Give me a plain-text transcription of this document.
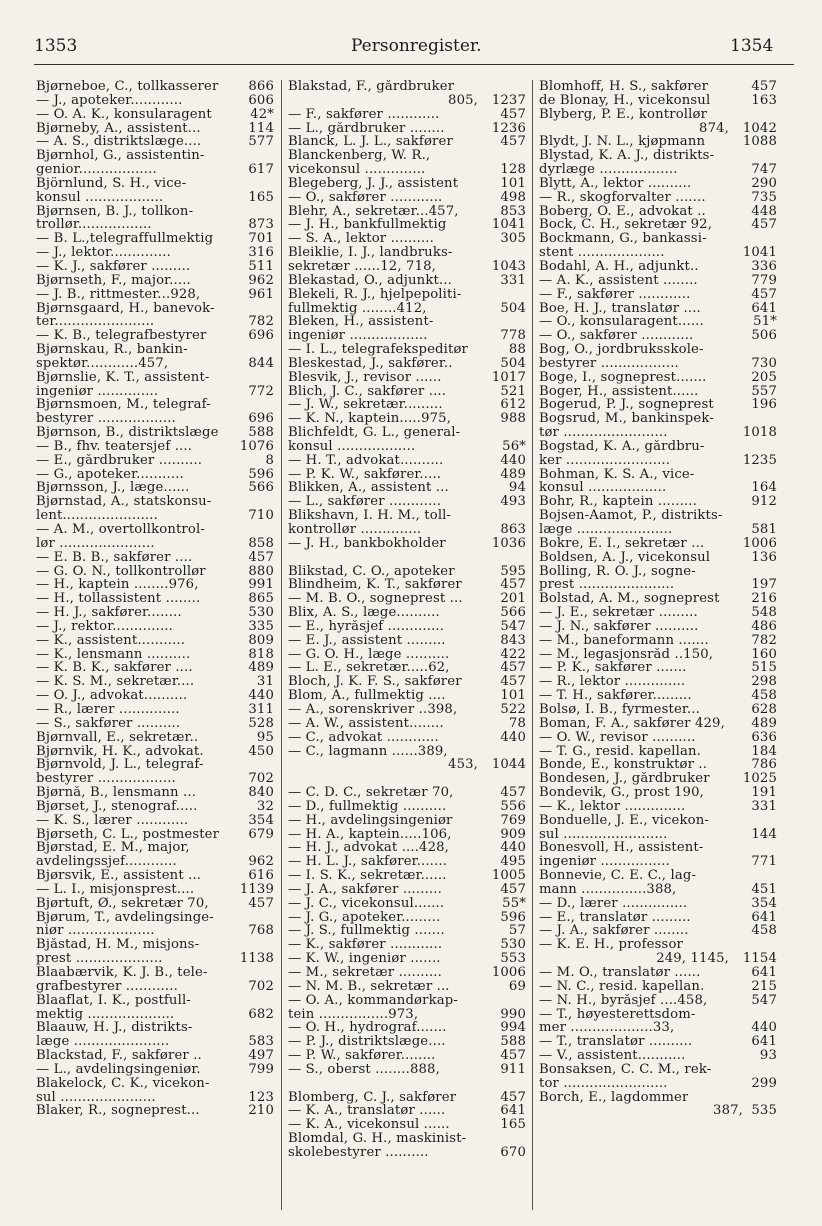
1353	Personregister.	1354
Bjørneboe, C., tollkasserer 866
— J., apoteker............	606
— O. A. K., konsularagent	42*
Bjørneby, A., assistent...	114
— A. S., distriktslæge....	577
Bjørnhol, G., assistentin-
genior..................	617
Björnlund, S. H., vice-
konsul ..................	165
Bjørnsen, B. J., tollkon-
trollør.................	873
— B. L.,telegraffullmektig	701
— J., lektor..............	316
— K. J., sakfører .........	511
Bjørnseth, F., major.....	962
— J. B., rittmester...928,	961
Bjørnsgaard, H., banevok-
ter.......................	782
— K. B., telegrafbestyrer	696
Bjørnskau, R., bankin-
spektør............457,	844
Bjørnslie, K. T., assistent-
ingeniør ..............	772
Bjørnsmoen, M., telegraf-
bestyrer ..................	696
Bjørnson, B., distriktslæge 588
— B., fhv. teatersjef ....	1076
— E., gårdbruker ..........	8
— G., apoteker...........	596
Bjørnsson, J., læge......	566
Bjørnstad, A., statskonsu-
lent......................	710
— A. M., overtollkontrol-
lør ......................	858
— E. B. B., sakfører ....	457
— G. O. N., tollkontrollør	880
— H., kaptein ........976,	991
— H., tollassistent ........	865
— H. J., sakfører........	530
— J., rektor..............	335
— K., assistent...........	809
— K., lensmann ..........	818
— K. B. K., sakfører ....	489
— K. S. M., sekretær....	31
— O. J., advokat..........	440
— R., lærer ..............	311
— S., sakfører ..........	528
Bjørnvall, E., sekretær..	95
Bjørnvik, H. K., advokat.	450
Bjørnvold, J. L., telegraf-
bestyrer ..................	702
Bjørnå, B., lensmann ...	840
Bjørset, J., stenograf.....	32
— K. S., lærer ............	354
Bjørseth, C. L., postmester 679
Bjørstad, E. M., major,
avdelingssjef............	962
Bjørsvik, E., assistent ...	616
— L. I., misjonsprest....	1139
Bjørtuft, Ø., sekretær 70,	457
Bjørum, T., avdelingsinge-
niør ....................	768
Bjåstad, H. M., misjons-
prest ....................	1138
Blaabærvik, K. J. B., tele-
grafbestyrer ............	702
Blaaflat, I. K., postfull-
mektig ....................	682
Blaauw, H. J., distrikts-
læge ......................	583
Blackstad, F., sakfører ..	497
— L., avdelingsingeniør.	799
Blakelock, C. K., vicekon-
sul ......................	123
Blaker, R., sogneprest...	210
Blakstad, F., gårdbruker
805, 1237
— F., sakfører ............	457
— L., gårdbruker ........	1236
Blanck, L. J. L., sakfører	457
Blanckenberg, W. R.,
vicekonsul ..............	128
Blegeberg, J. J., assistent	101
— O., sakfører ............	498
Blehr, A., sekretær...457,	853
— J. H., bankfullmektig	1041
— S. A., lektor ..........	305
Bleiklie, I. J., landbruks-
sekretær ......12, 718,	1043
Blekastad, O., adjunkt...	331
Blekeli, R. J., hjelpepoliti-
fullmektig ........412,	504
Bleken, H., assistent-
ingeniør ..................	778
— I. L., telegrafekspeditør	88
Bleskestad, J., sakfører..	504
Blesvik, J., revisor ......	1017
Blich, J. C., sakfører ....	521
— J. W., sekretær.........	612
— K. N., kaptein.....975,	988
Blichfeldt, G. L., general-
konsul ..................	56*
— H. T., advokat..........	440
— P. K. W., sakfører.....	489
Blikken, A., assistent ...	94
— L., sakfører ............	493
Blikshavn, I. H. M., toll-
kontrollør ..............	863
— J. H., bankbokholder	1036
Blikstad, C. O., apoteker	595
Blindheim, K. T., sakfører	457
— M. B. O., sogneprest ...	201
Blix, A. S., læge..........	566
— E., hyråsjef .............	547
— E. J., assistent .........	843
— G. O. H., læge ..........	422
— L. E., sekretær.....62,	457
Bloch, J. K. F. S., sakfører	457
Blom, A., fullmektig ....	101
— A., sorenskriver ..398,	522
— A. W., assistent........	78
— C., advokat ............	440
— C., lagmann ......389,
453, 1044
— C. D. C., sekretær 70,	457
— D., fullmektig ..........	556
— H., avdelingsingeniør	769
— H. A., kaptein.....106,	909
— H. J., advokat ....428,	440
— H. L. J., sakfører.......	495
— I. S. K., sekretær......	1005
— J. A., sakfører .........	457
— J. C., vicekonsul.......	55*
— J. G., apoteker.........	596
— J. S., fullmektig .......	57
— K., sakfører ............	530
— K. W., ingeniør .......	553
— M., sekretær ..........	1006
— N. M. B., sekretær ...	69
— O. A., kommandørkap-
tein ................973,	990
— O. H., hydrograf.......	994
— P. J., distriktslæge....	588
— P. W., sakfører........	457
— S., oberst ........888,	911
Blomberg, C. J., sakfører	457
— K. A., translatør ......	641
— K. A., vicekonsul ......	165
Blomdal, G. H., maskinist-
skolebestyrer ..........	670
Blomhoff, H. S., sakfører	457
de Blonay, H., vicekonsul	163
Blyberg, P. E., kontrollør
874, 1042
Blydt, J. N. L., kjøpmann	1088
Blystad, K. A. J., distrikts-
dyrlæge ..................	747
Blytt, A., lektor ..........	290
— R., skogforvalter .......	735
Boberg, O. E., advokat ..	448
Bock, C. H., sekretær 92,	457
Bockmann, G., bankassi-
stent ....................	1041
Bodahl, A. H., adjunkt..	336
— A. K., assistent ........	779
— F., sakfører ............	457
Boe, H. J., translatør ....	641
— O., konsularagent......	51*
— O., sakfører ............	506
Bog, O., jordbruksskole-
bestyrer ..................	730
Boge, I., sogneprest.......	205
Boger, H., assistent......	557
Bogerud, P. J., sogneprest	196
Bogsrud, M., bankinspek-
tør ........................	1018
Bogstad, K. A., gårdbru-
ker ........................	1235
Bohman, K. S. A., vice-
konsul ..................	164
Bohr, R., kaptein .........	912
Bojsen-Aamot, P., distrikts-
læge ......................	581
Bokre, E. I., sekretær ...	1006
Boldsen, A. J., vicekonsul	136
Bolling, R. O. J., sogne-
prest ......................	197
Bolstad, A. M., sogneprest 216
— J. E., sekretær .........	548
— J. N., sakfører ..........	486
— M., baneformann .......	782
— M., legasjonsråd ..150,	160
— P. K., sakfører .......	515
— R., lektor ..............	298
— T. H., sakfører.........	458
Bolsø, I. B., fyrmester...	628
Boman, F. A., sakfører 429, 489
— O. W., revisor ..........	636
— T. G., resid. kapellan.	184
Bonde, E., konstruktør ..	786
Bondesen, J., gårdbruker	1025
Bondevik, G., prost 190,	191
— K., lektor ..............	331
Bonduelle, J. E., vicekon-
sul ........................	144
Bonesvoll, H., assistent-
ingeniør ................	771
Bonnevie, C. E. C., lag-
mann ...............388,	451
— D., lærer ...............	354
— E., translatør .........	641
— J. A., sakfører ........	458
— K. E. H., professor
249, 1145, 1154
— M. O., translatør ......	641
— N. C., resid. kapellan.	215
— N. H., byråsjef ....458,	547
— T., høyesterettsdom-
mer ...................33,	440
— T., translatør ..........	641
— V., assistent...........	93
Bonsaksen, C. C. M., rek-
tor ........................	299
Borch, E., lagdommer
387, 535
